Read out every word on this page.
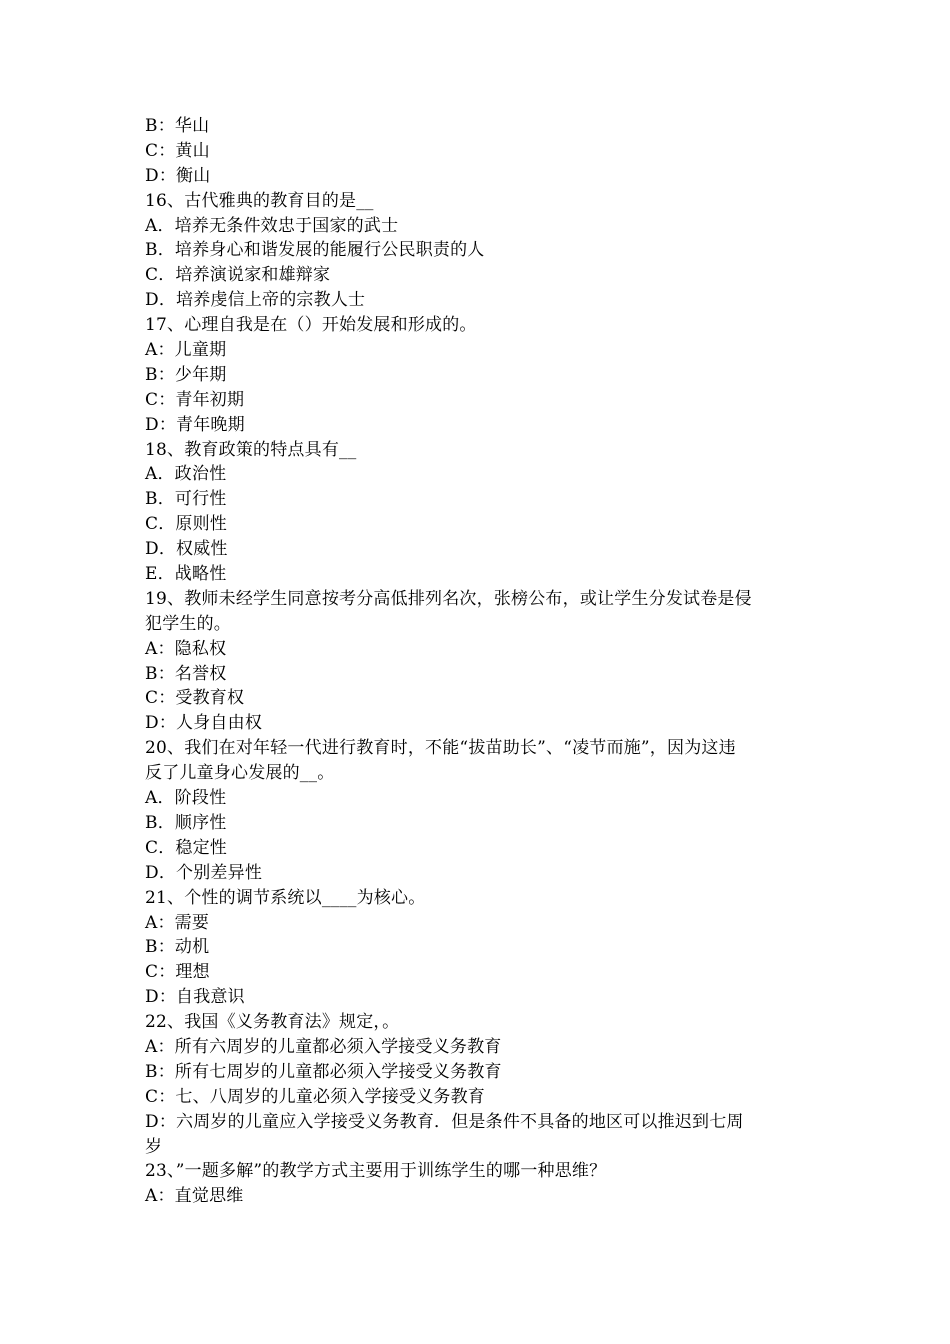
B：华山
C：黄山
D：衡山
16、古代雅典的教育目的是__
A．培养无条件效忠于国家的武士
B．培养身心和谐发展的能履行公民职责的人
C．培养演说家和雄辩家
D．培养虔信上帝的宗教人士
17、心理自我是在（）开始发展和形成的。
A：儿童期
B：少年期
C：青年初期
D：青年晚期
18、教育政策的特点具有__
A．政治性
B．可行性
C．原则性
D．权威性
E．战略性
19、教师未经学生同意按考分高低排列名次，张榜公布，或让学生分发试卷是侵
犯学生的。
A：隐私权
B：名誉权
C：受教育权
D：人身自由权
20、我们在对年轻一代进行教育时，不能“拔苗助长”、“凌节而施”，因为这违
反了儿童身心发展的__。
A．阶段性
B．顺序性
C．稳定性
D．个别差异性
21、个性的调节系统以____为核心。
A：需要
B：动机
C：理想
D：自我意识
22、我国《义务教育法》规定，。
A：所有六周岁的儿童都必须入学接受义务教育
B：所有七周岁的儿童都必须入学接受义务教育
C：七、八周岁的儿童必须入学接受义务教育
D：六周岁的儿童应入学接受义务教育．但是条件不具备的地区可以推迟到七周
岁
23、”一题多解”的教学方式主要用于训练学生的哪一种思维？
A：直觉思维
